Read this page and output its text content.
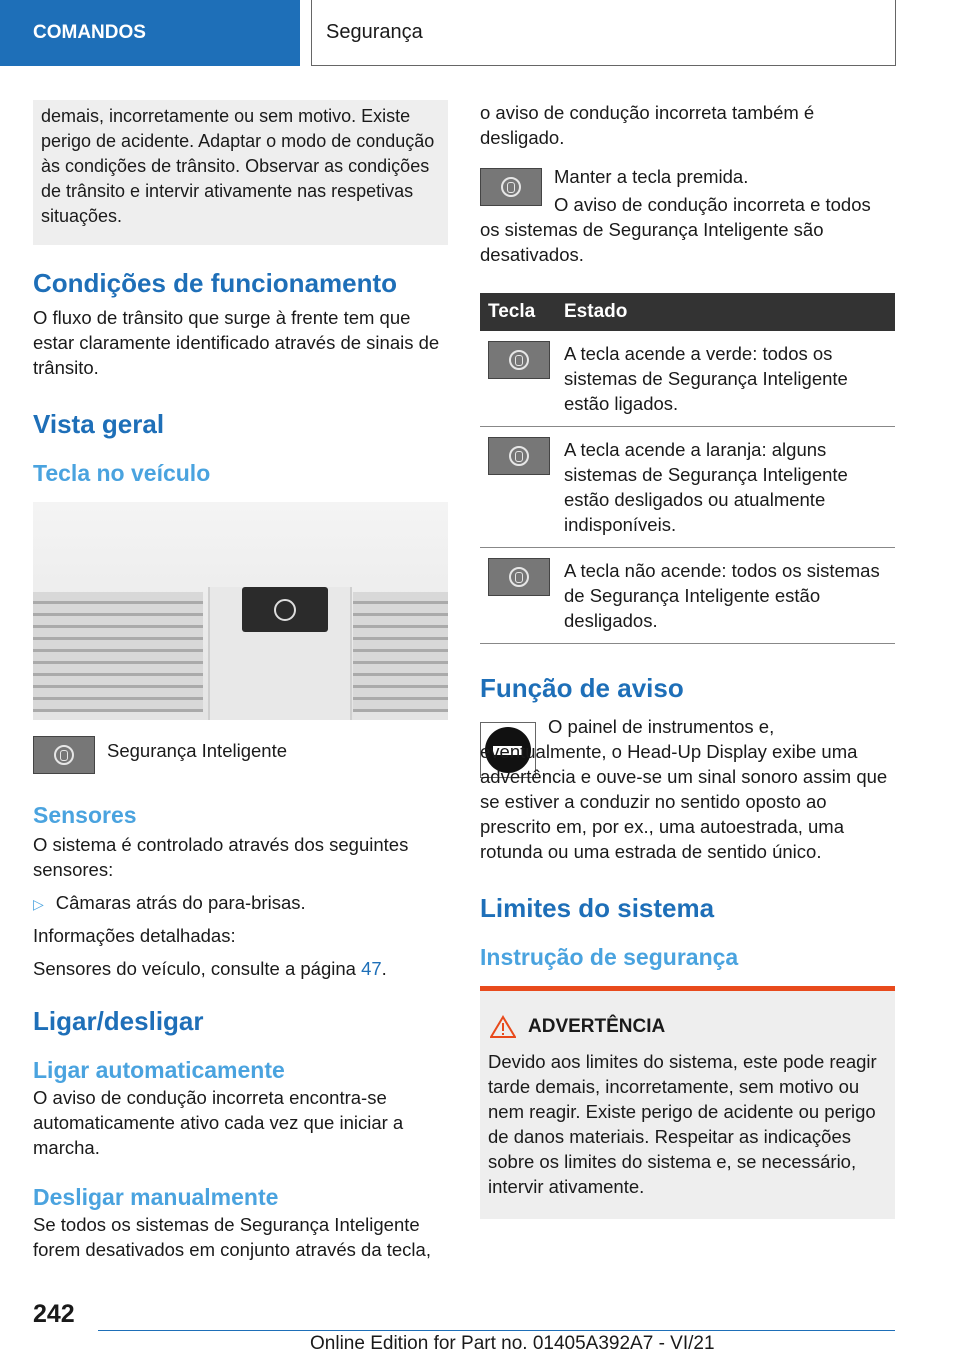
COMANDOS	Segurança

demais, incorretamente ou sem motivo. Existe perigo de acidente. Adaptar o modo de condução às condições de trânsito. Observar as condições de trânsito e intervir ativamente nas respetivas situações.

Condições de funcionamento

O fluxo de trânsito que surge à frente tem que estar claramente identificado através de sinais de trânsito.

Vista geral
Tecla no veículo

Segurança Inteligente

Sensores

O sistema é controlado através dos seguintes sensores:

▷ Câmaras atrás do para-brisas.

Informações detalhadas:

Sensores do veículo, consulte a página 47.

Ligar/desligar
Ligar automaticamente

O aviso de condução incorreta encontra-se automaticamente ativo cada vez que iniciar a marcha.

Desligar manualmente

Se todos os sistemas de Segurança Inteligente forem desativados em conjunto através da tecla,

o aviso de condução incorreta também é desligado.

Manter a tecla premida.

O aviso de condução incorreta e todos os sistemas de Segurança Inteligente são desativados.

Tecla	Estado

	A tecla acende a verde: todos os sistemas de Segurança Inteligente estão ligados.

	A tecla acende a laranja: alguns sistemas de Segurança Inteligente estão desligados ou atualmente indisponíveis.

	A tecla não acende: todos os sistemas de Segurança Inteligente estão desligados.
Função de aviso

O painel de instrumentos e, eventualmente, o Head-Up Display exibe uma advertência e ouve-se um sinal sonoro assim que se estiver a conduzir no sentido oposto ao prescrito em, por ex., uma autoestrada, uma rotunda ou uma estrada de sentido único.

Limites do sistema
Instrução de segurança
ADVERTÊNCIA

Devido aos limites do sistema, este pode reagir tarde demais, incorretamente, sem motivo ou nem reagir. Existe perigo de acidente ou perigo de danos materiais. Respeitar as indicações sobre os limites do sistema e, se necessário, intervir ativamente.

242
Online Edition for Part no. 01405A392A7 - VI/21
